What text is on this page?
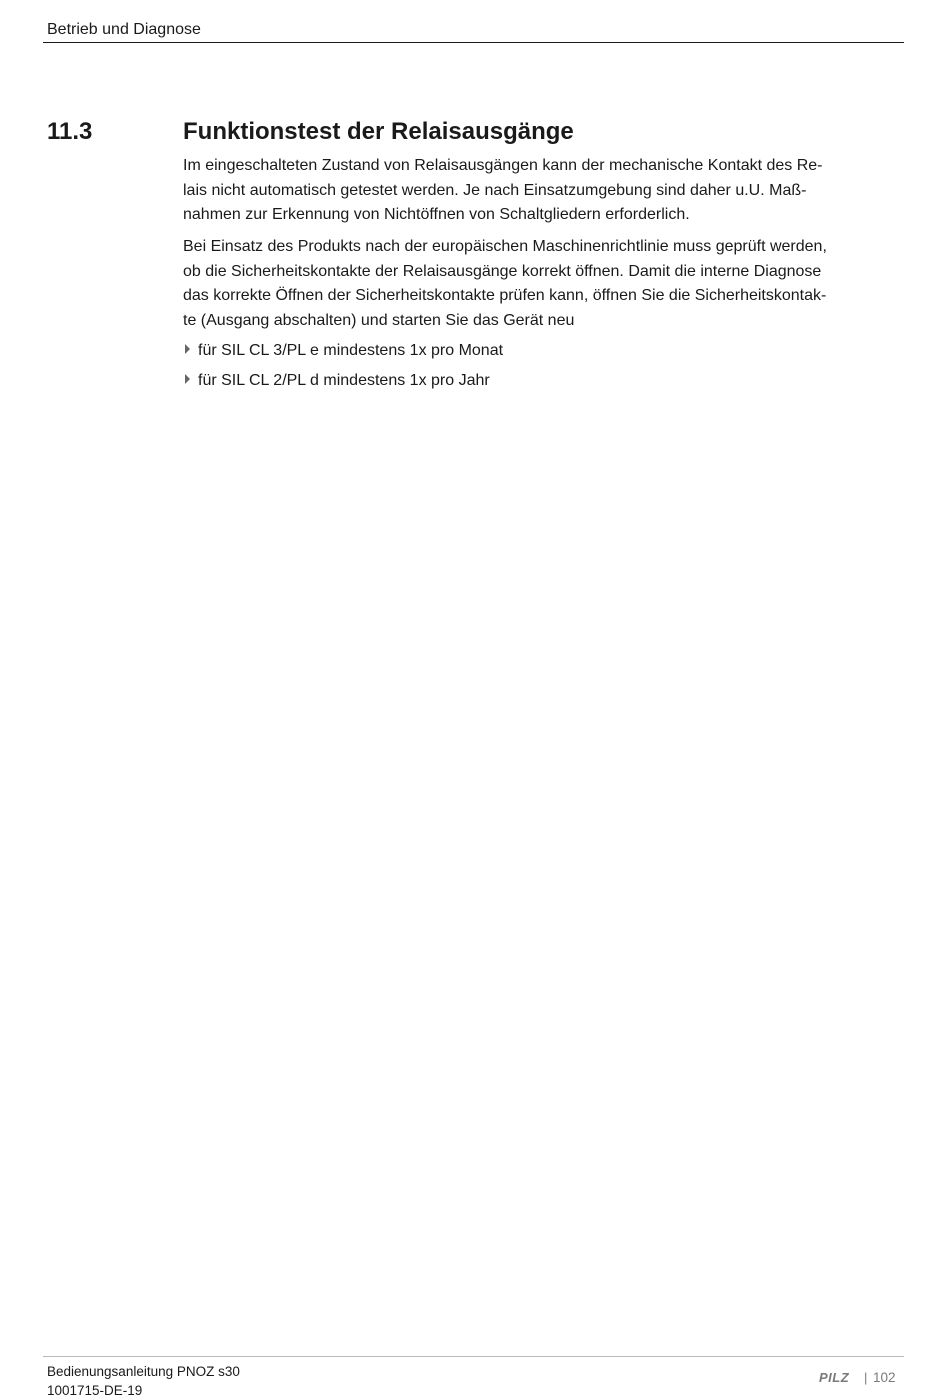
Betrieb und Diagnose
11.3	Funktionstest der Relaisausgänge

Im eingeschalteten Zustand von Relaisausgängen kann der mechanische Kontakt des Re-
lais nicht automatisch getestet werden. Je nach Einsatzumgebung sind daher u.U. Maß-
nahmen zur Erkennung von Nichtöffnen von Schaltgliedern erforderlich.

Bei Einsatz des Produkts nach der europäischen Maschinenrichtlinie muss geprüft werden,
ob die Sicherheitskontakte der Relaisausgänge korrekt öffnen. Damit die interne Diagnose
das korrekte Öffnen der Sicherheitskontakte prüfen kann, öffnen Sie die Sicherheitskontak-
te (Ausgang abschalten) und starten Sie das Gerät neu

für SIL CL 3/PL e mindestens 1x pro Monat
für SIL CL 2/PL d mindestens 1x pro Jahr
Bedienungsanleitung PNOZ s30
1001715-DE-19
PILZ | 102
